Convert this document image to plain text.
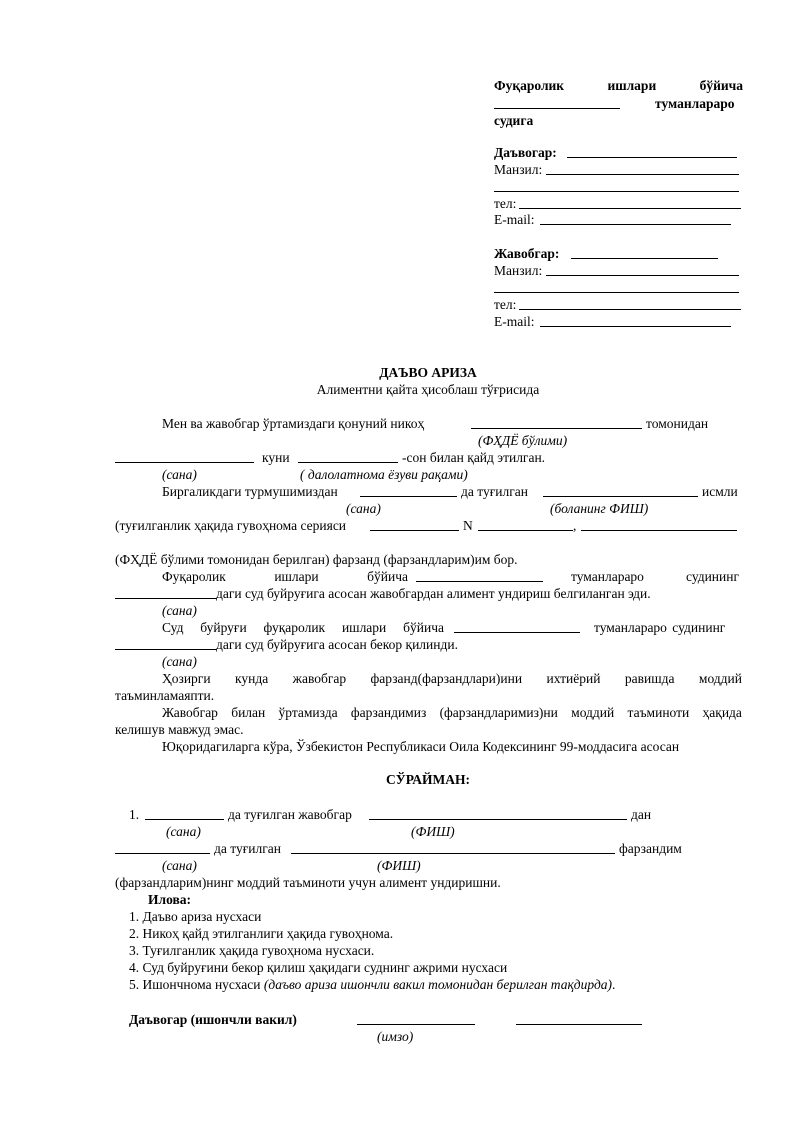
Фуқаролик	ишлари	бўйича
туманлараро
судига
Даъвогар:
Манзил:
тел:
E-mail:
Жавобгар:
Манзил:
тел:
E-mail:
ДАЪВО АРИЗА
Алиментни қайта ҳисоблаш тўғрисида
Мен ва жавобгар ўртамиздаги қонуний никоҳ	томонидан
(ФҲДЁ бўлими)
куни	-сон билан қайд этилган.
(сана)	( далолатнома ёзуви рақами)
Биргаликдаги турмушимиздан	да туғилган	исмли
(сана)	(боланинг ФИШ)
(туғилганлик ҳақида гувоҳнома серияси	N	,
(ФҲДЁ бўлими томонидан берилган) фарзанд (фарзандларим)им бор.
Фуқаролик	ишлари	бўйича	туманлараро	судининг
даги суд буйруғига асосан жавобгардан алимент ундириш белгиланган эди.
(сана)
Суд буйруғи фуқаролик ишлари бўйича	туманлараро судининг
даги суд буйруғига асосан бекор қилинди.
(сана)
Ҳозирги кунда жавобгар фарзанд(фарзандлари)ини ихтиёрий равишда моддий
таъминламаяпти.
Жавобгар билан ўртамизда фарзандимиз (фарзандларимиз)ни моддий таъминоти ҳақида
келишув мавжуд эмас.
Юқоридагиларга кўра, Ўзбекистон Республикаси Оила Кодексининг 99-моддасига асосан
СЎРАЙМАН:
1.	да туғилган жавобгар	дан
(сана)	(ФИШ)
да туғилган	фарзандим
(сана)	(ФИШ)
(фарзандларим)нинг моддий таъминоти учун алимент ундиришни.
Илова:
1. Даъво ариза нусхаси
2. Никоҳ қайд этилганлиги ҳақида гувоҳнома.
3. Туғилганлик ҳақида гувоҳнома нусхаси.
4. Суд буйруғини бекор қилиш ҳақидаги суднинг ажрими нусхаси
5. Ишончнома нусхаси (даъво ариза ишончли вакил томонидан берилган тақдирда).
Даъвогар (ишончли вакил)
(имзо)
